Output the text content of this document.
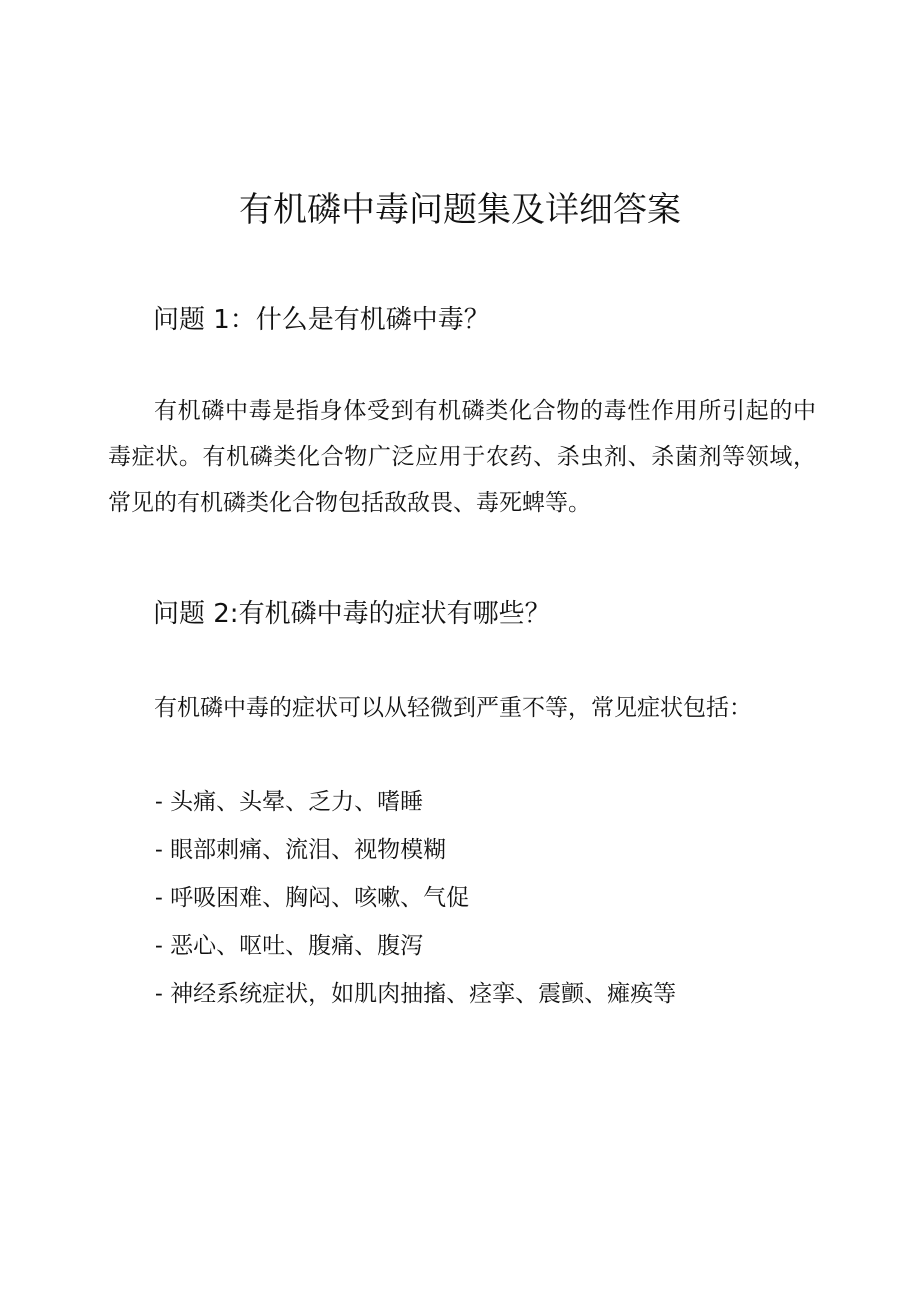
有机磷中毒问题集及详细答案
问题 1：什么是有机磷中毒？

有机磷中毒是指身体受到有机磷类化合物的毒性作用所引起的中毒症状。有机磷类化合物广泛应用于农药、杀虫剂、杀菌剂等领域，常见的有机磷类化合物包括敌敌畏、毒死蜱等。

问题 2:有机磷中毒的症状有哪些？

有机磷中毒的症状可以从轻微到严重不等，常见症状包括：

- 头痛、头晕、乏力、嗜睡
- 眼部刺痛、流泪、视物模糊
- 呼吸困难、胸闷、咳嗽、气促
- 恶心、呕吐、腹痛、腹泻
- 神经系统症状，如肌肉抽搐、痉挛、震颤、瘫痪等
